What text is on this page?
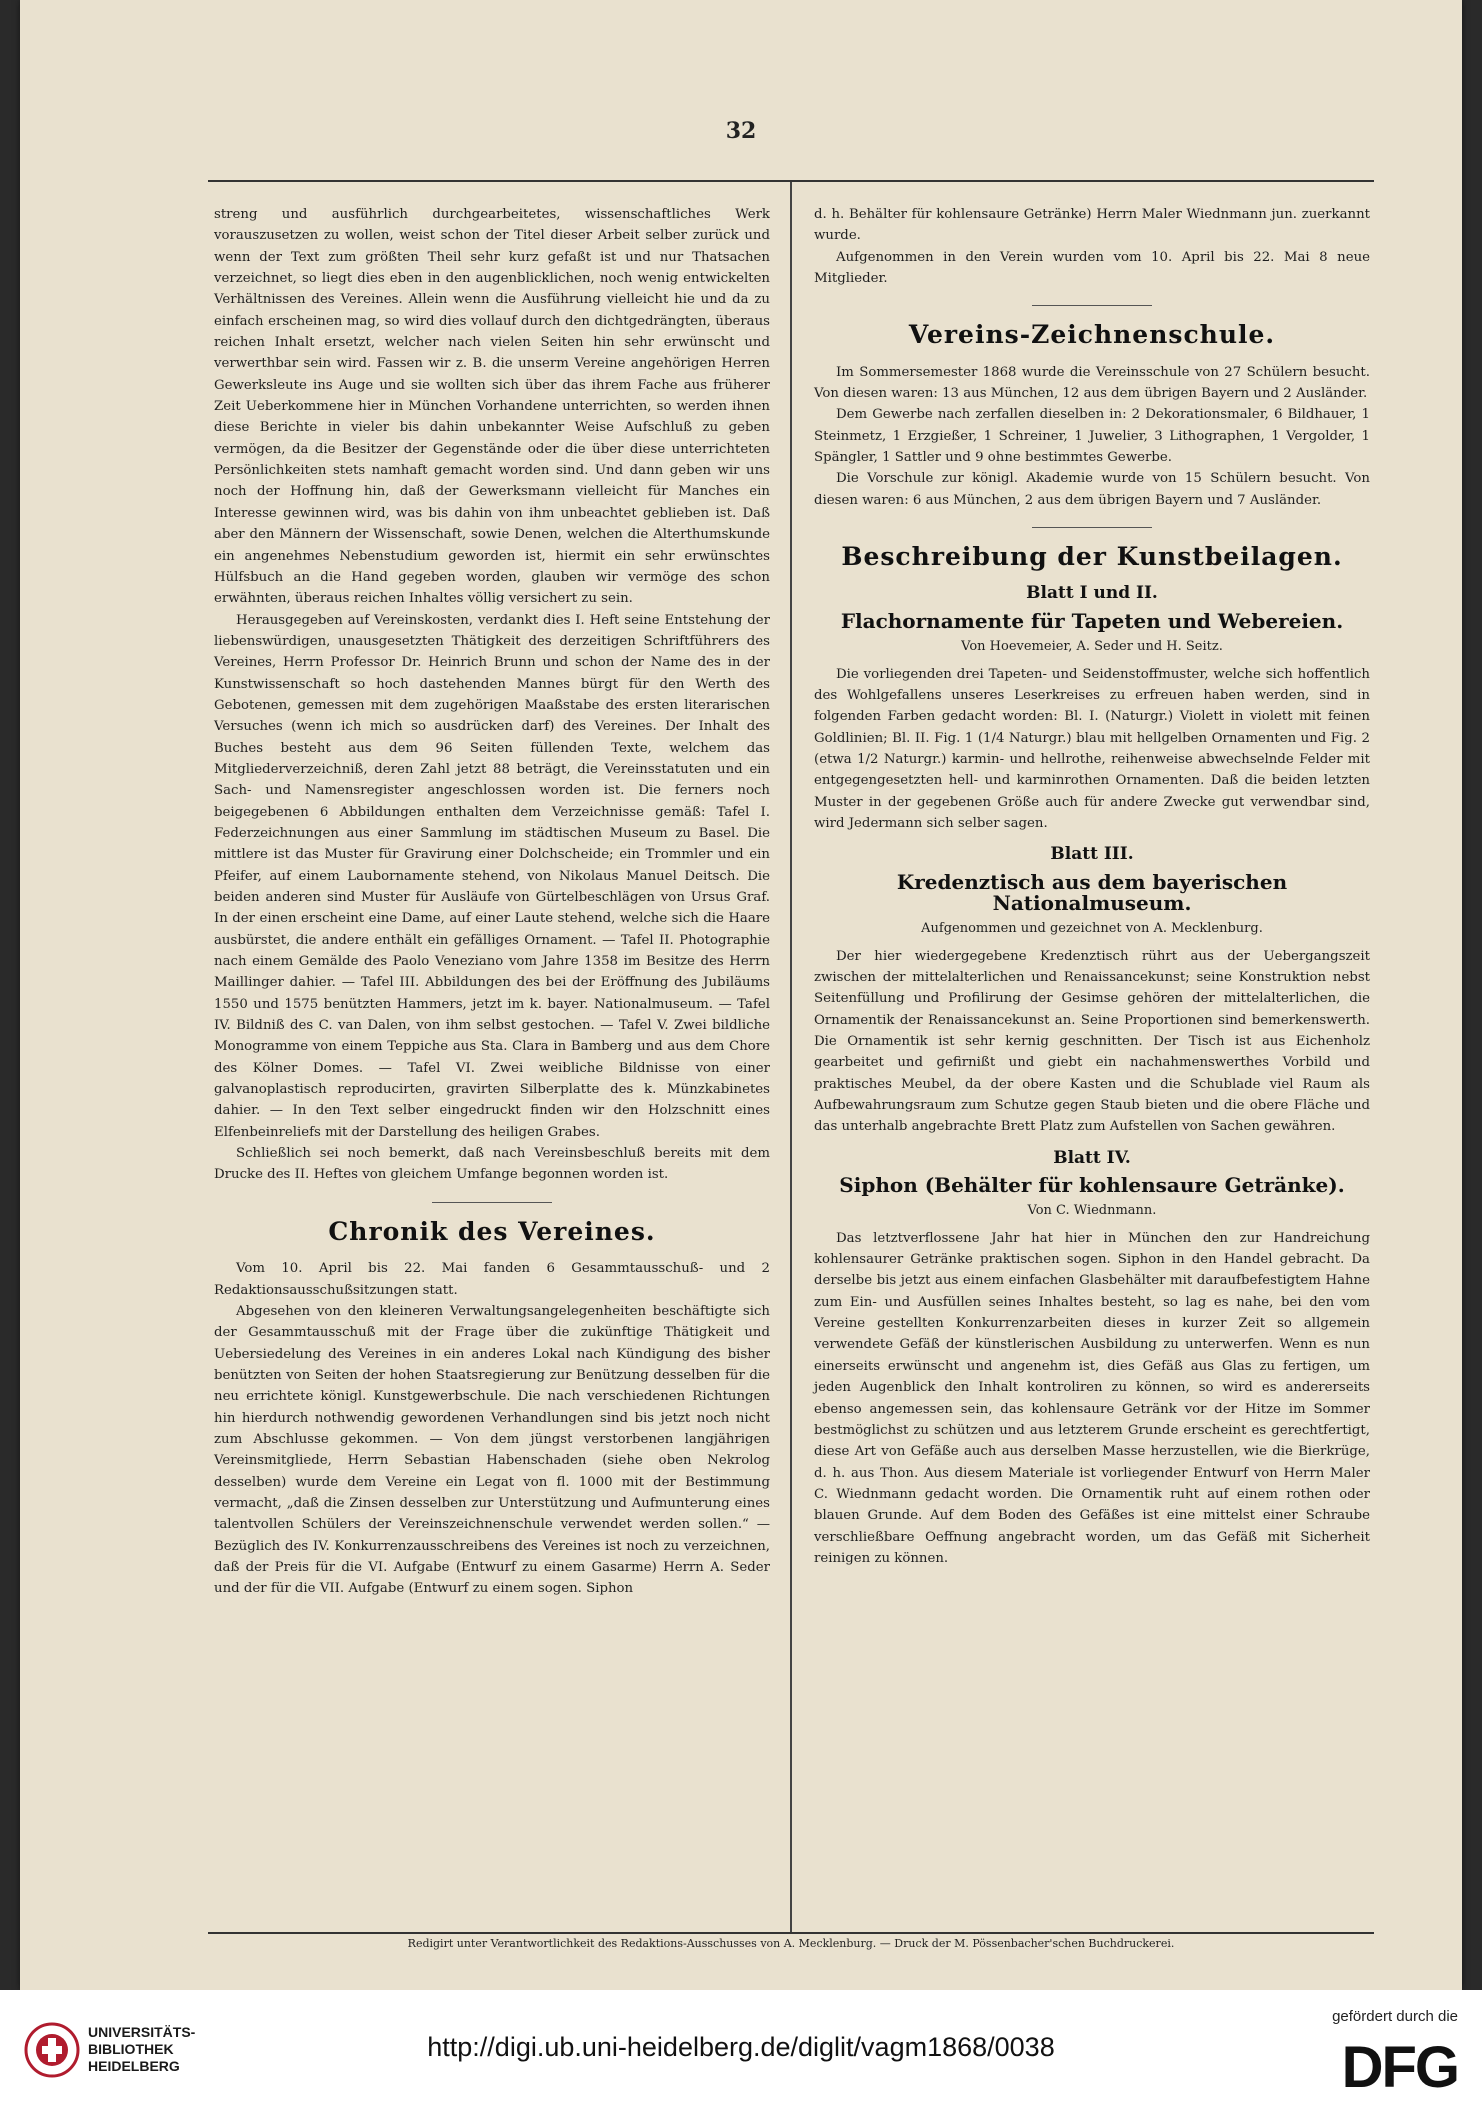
32

streng und ausführlich durchgearbeitetes, wissenschaftliches Werk vorauszusetzen zu wollen, weist schon der Titel dieser Arbeit selber zurück und wenn der Text zum größten Theil sehr kurz gefaßt ist und nur Thatsachen verzeichnet, so liegt dies eben in den augenblicklichen, noch wenig entwickelten Verhältnissen des Vereines. Allein wenn die Ausführung vielleicht hie und da zu einfach erscheinen mag, so wird dies vollauf durch den dichtgedrängten, überaus reichen Inhalt ersetzt, welcher nach vielen Seiten hin sehr erwünscht und verwerthbar sein wird. Fassen wir z. B. die unserm Vereine angehörigen Herren Gewerksleute ins Auge und sie wollten sich über das ihrem Fache aus früherer Zeit Ueberkommene hier in München Vorhandene unterrichten, so werden ihnen diese Berichte in vieler bis dahin unbekannter Weise Aufschluß zu geben vermögen, da die Besitzer der Gegenstände oder die über diese unterrichteten Persönlichkeiten stets namhaft gemacht worden sind. Und dann geben wir uns noch der Hoffnung hin, daß der Gewerksmann vielleicht für Manches ein Interesse gewinnen wird, was bis dahin von ihm unbeachtet geblieben ist. Daß aber den Männern der Wissenschaft, sowie Denen, welchen die Alterthumskunde ein angenehmes Nebenstudium geworden ist, hiermit ein sehr erwünschtes Hülfsbuch an die Hand gegeben worden, glauben wir vermöge des schon erwähnten, überaus reichen Inhaltes völlig versichert zu sein.

Herausgegeben auf Vereinskosten, verdankt dies I. Heft seine Entstehung der liebenswürdigen, unausgesetzten Thätigkeit des derzeitigen Schriftführers des Vereines, Herrn Professor Dr. Heinrich Brunn und schon der Name des in der Kunstwissenschaft so hoch dastehenden Mannes bürgt für den Werth des Gebotenen, gemessen mit dem zugehörigen Maaßstabe des ersten literarischen Versuches (wenn ich mich so ausdrücken darf) des Vereines. Der Inhalt des Buches besteht aus dem 96 Seiten füllenden Texte, welchem das Mitgliederverzeichniß, deren Zahl jetzt 88 beträgt, die Vereinsstatuten und ein Sach- und Namensregister angeschlossen worden ist. Die ferners noch beigegebenen 6 Abbildungen enthalten dem Verzeichnisse gemäß: Tafel I. Federzeichnungen aus einer Sammlung im städtischen Museum zu Basel. Die mittlere ist das Muster für Gravirung einer Dolchscheide; ein Trommler und ein Pfeifer, auf einem Laubornamente stehend, von Nikolaus Manuel Deitsch. Die beiden anderen sind Muster für Ausläufe von Gürtelbeschlägen von Ursus Graf. In der einen erscheint eine Dame, auf einer Laute stehend, welche sich die Haare ausbürstet, die andere enthält ein gefälliges Ornament. — Tafel II. Photographie nach einem Gemälde des Paolo Veneziano vom Jahre 1358 im Besitze des Herrn Maillinger dahier. — Tafel III. Abbildungen des bei der Eröffnung des Jubiläums 1550 und 1575 benützten Hammers, jetzt im k. bayer. Nationalmuseum. — Tafel IV. Bildniß des C. van Dalen, von ihm selbst gestochen. — Tafel V. Zwei bildliche Monogramme von einem Teppiche aus Sta. Clara in Bamberg und aus dem Chore des Kölner Domes. — Tafel VI. Zwei weibliche Bildnisse von einer galvanoplastisch reproducirten, gravirten Silberplatte des k. Münzkabinetes dahier. — In den Text selber eingedruckt finden wir den Holzschnitt eines Elfenbeinreliefs mit der Darstellung des heiligen Grabes.

Schließlich sei noch bemerkt, daß nach Vereinsbeschluß bereits mit dem Drucke des II. Heftes von gleichem Umfange begonnen worden ist.

Chronik des Vereines.

Vom 10. April bis 22. Mai fanden 6 Gesammtausschuß- und 2 Redaktionsausschußsitzungen statt.

Abgesehen von den kleineren Verwaltungsangelegenheiten beschäftigte sich der Gesammtausschuß mit der Frage über die zukünftige Thätigkeit und Uebersiedelung des Vereines in ein anderes Lokal nach Kündigung des bisher benützten von Seiten der hohen Staatsregierung zur Benützung desselben für die neu errichtete königl. Kunstgewerbschule. Die nach verschiedenen Richtungen hin hierdurch nothwendig gewordenen Verhandlungen sind bis jetzt noch nicht zum Abschlusse gekommen. — Von dem jüngst verstorbenen langjährigen Vereinsmitgliede, Herrn Sebastian Habenschaden (siehe oben Nekrolog desselben) wurde dem Vereine ein Legat von fl. 1000 mit der Bestimmung vermacht, „daß die Zinsen desselben zur Unterstützung und Aufmunterung eines talentvollen Schülers der Vereinszeichnenschule verwendet werden sollen.“ — Bezüglich des IV. Konkurrenzausschreibens des Vereines ist noch zu verzeichnen, daß der Preis für die VI. Aufgabe (Entwurf zu einem Gasarme) Herrn A. Seder und der für die VII. Aufgabe (Entwurf zu einem sogen. Siphon

d. h. Behälter für kohlensaure Getränke) Herrn Maler Wiednmann jun. zuerkannt wurde.

Aufgenommen in den Verein wurden vom 10. April bis 22. Mai 8 neue Mitglieder.

Vereins-Zeichnenschule.

Im Sommersemester 1868 wurde die Vereinsschule von 27 Schülern besucht. Von diesen waren: 13 aus München, 12 aus dem übrigen Bayern und 2 Ausländer.

Dem Gewerbe nach zerfallen dieselben in: 2 Dekorationsmaler, 6 Bildhauer, 1 Steinmetz, 1 Erzgießer, 1 Schreiner, 1 Juwelier, 3 Lithographen, 1 Vergolder, 1 Spängler, 1 Sattler und 9 ohne bestimmtes Gewerbe.

Die Vorschule zur königl. Akademie wurde von 15 Schülern besucht. Von diesen waren: 6 aus München, 2 aus dem übrigen Bayern und 7 Ausländer.

Beschreibung der Kunstbeilagen.
Blatt I und II.
Flachornamente für Tapeten und Webereien.
Von Hoevemeier, A. Seder und H. Seitz.

Die vorliegenden drei Tapeten- und Seidenstoffmuster, welche sich hoffentlich des Wohlgefallens unseres Leserkreises zu erfreuen haben werden, sind in folgenden Farben gedacht worden: Bl. I. (Naturgr.) Violett in violett mit feinen Goldlinien; Bl. II. Fig. 1 (1/4 Naturgr.) blau mit hellgelben Ornamenten und Fig. 2 (etwa 1/2 Naturgr.) karmin- und hellrothe, reihenweise abwechselnde Felder mit entgegengesetzten hell- und karminrothen Ornamenten. Daß die beiden letzten Muster in der gegebenen Größe auch für andere Zwecke gut verwendbar sind, wird Jedermann sich selber sagen.

Blatt III.
Kredenztisch aus dem bayerischen Nationalmuseum.
Aufgenommen und gezeichnet von A. Mecklenburg.

Der hier wiedergegebene Kredenztisch rührt aus der Uebergangszeit zwischen der mittelalterlichen und Renaissancekunst; seine Konstruktion nebst Seitenfüllung und Profilirung der Gesimse gehören der mittelalterlichen, die Ornamentik der Renaissancekunst an. Seine Proportionen sind bemerkenswerth. Die Ornamentik ist sehr kernig geschnitten. Der Tisch ist aus Eichenholz gearbeitet und gefirnißt und giebt ein nachahmenswerthes Vorbild und praktisches Meubel, da der obere Kasten und die Schublade viel Raum als Aufbewahrungsraum zum Schutze gegen Staub bieten und die obere Fläche und das unterhalb angebrachte Brett Platz zum Aufstellen von Sachen gewähren.

Blatt IV.
Siphon (Behälter für kohlensaure Getränke).
Von C. Wiednmann.

Das letztverflossene Jahr hat hier in München den zur Handreichung kohlensaurer Getränke praktischen sogen. Siphon in den Handel gebracht. Da derselbe bis jetzt aus einem einfachen Glasbehälter mit daraufbefestigtem Hahne zum Ein- und Ausfüllen seines Inhaltes besteht, so lag es nahe, bei den vom Vereine gestellten Konkurrenzarbeiten dieses in kurzer Zeit so allgemein verwendete Gefäß der künstlerischen Ausbildung zu unterwerfen. Wenn es nun einerseits erwünscht und angenehm ist, dies Gefäß aus Glas zu fertigen, um jeden Augenblick den Inhalt kontroliren zu können, so wird es andererseits ebenso angemessen sein, das kohlensaure Getränk vor der Hitze im Sommer bestmöglichst zu schützen und aus letzterem Grunde erscheint es gerechtfertigt, diese Art von Gefäße auch aus derselben Masse herzustellen, wie die Bierkrüge, d. h. aus Thon. Aus diesem Materiale ist vorliegender Entwurf von Herrn Maler C. Wiednmann gedacht worden. Die Ornamentik ruht auf einem rothen oder blauen Grunde. Auf dem Boden des Gefäßes ist eine mittelst einer Schraube verschließbare Oeffnung angebracht worden, um das Gefäß mit Sicherheit reinigen zu können.

Redigirt unter Verantwortlichkeit des Redaktions-Ausschusses von A. Mecklenburg. — Druck der M. Pössenbacher'schen Buchdruckerei.
UNIVERSITÄTS-
BIBLIOTHEK
HEIDELBERG
http://digi.ub.uni-heidelberg.de/diglit/vagm1868/0038
gefördert durch die
DFG
